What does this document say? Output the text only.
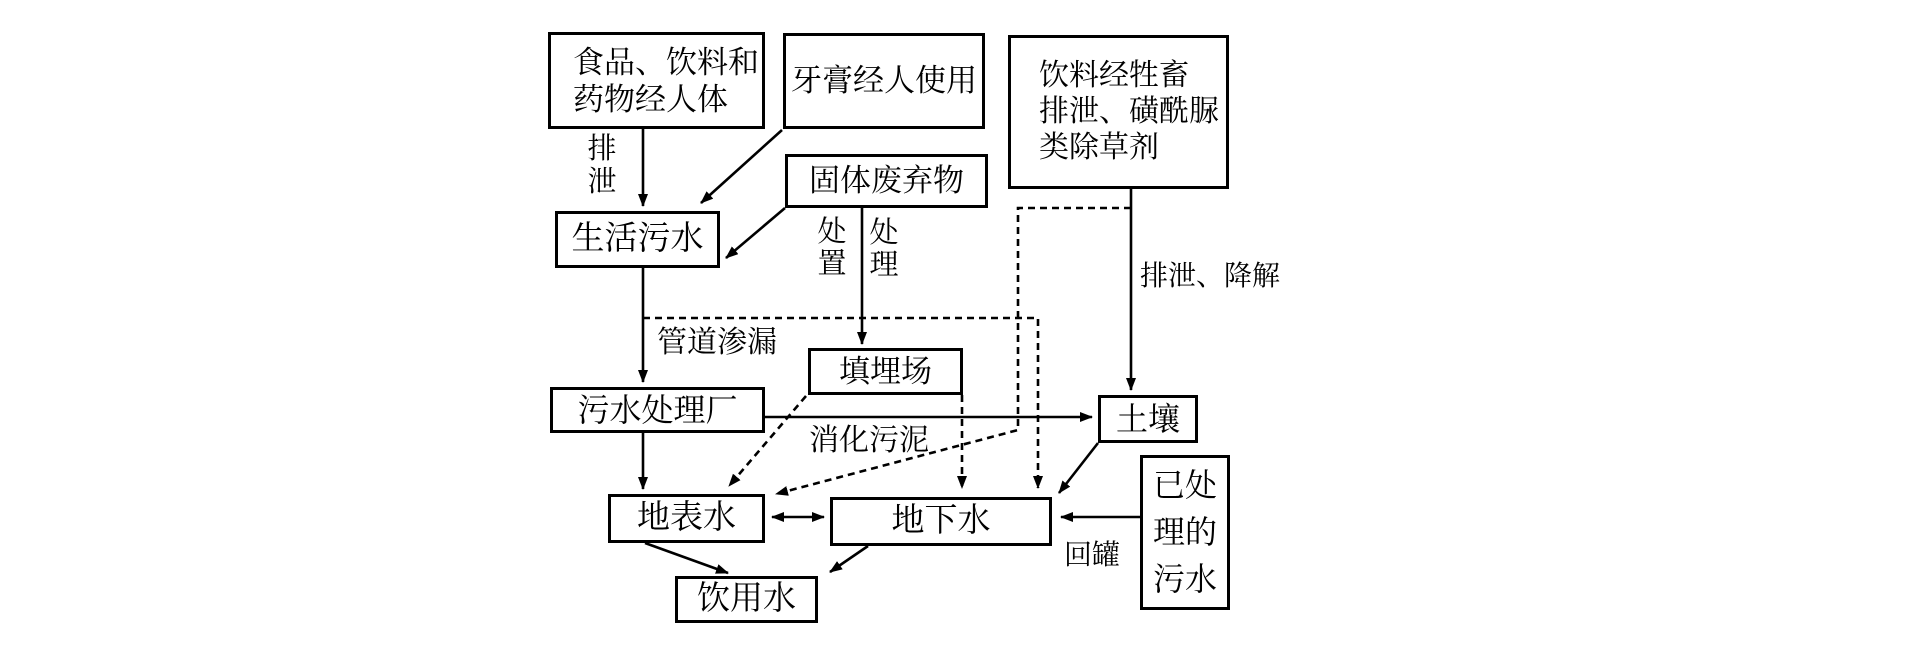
食品、饮料和
药物经人体
牙膏经人使用
固体废弃物
饮料经牲畜
排泄、磺酰脲
类除草剂
生活污水
填埋场
污水处理厂	土壤
地表水	地下水
已处
理的
污水
饮用水
排泄
处置
处理
管道渗漏
排泄、降解
消化污泥
回罐
